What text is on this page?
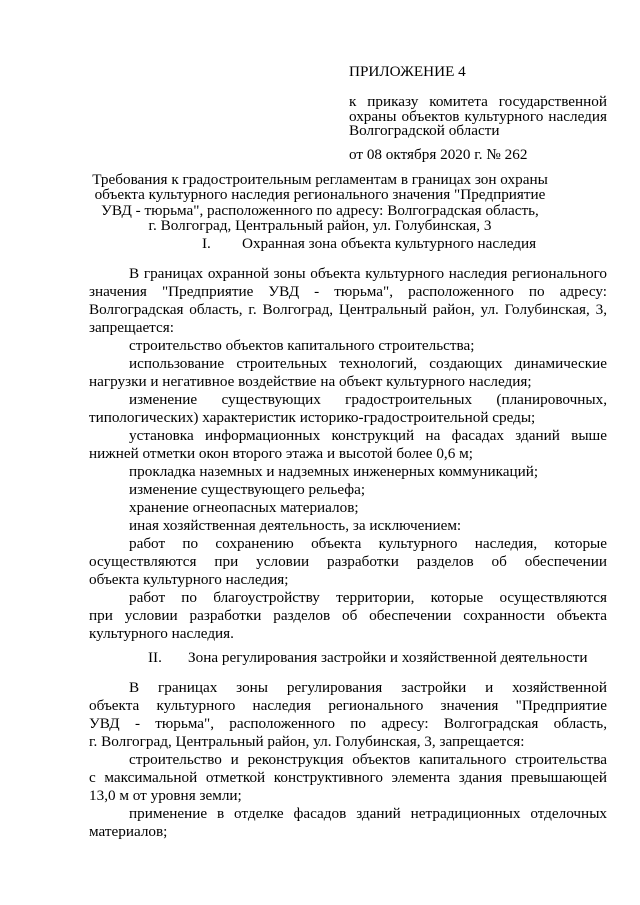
ПРИЛОЖЕНИЕ 4
к приказу комитета государственной
охраны объектов культурного наследия
Волгоградской области
от 08 октября 2020 г. № 262
Требования к градостроительным регламентам в границах зон охраны
объекта культурного наследия регионального значения "Предприятие
УВД - тюрьма", расположенного по адресу: Волгоградская область,
г. Волгоград, Центральный район, ул. Голубинская, 3
I. Охранная зона объекта культурного наследия
В границах охранной зоны объекта культурного наследия регионального
значения "Предприятие УВД - тюрьма", расположенного по адресу:
Волгоградская область, г. Волгоград, Центральный район, ул. Голубинская, 3,
запрещается:
строительство объектов капитального строительства;
использование строительных технологий, создающих динамические
нагрузки и негативное воздействие на объект культурного наследия;
изменение существующих градостроительных (планировочных,
типологических) характеристик историко-градостроительной среды;
установка информационных конструкций на фасадах зданий выше
нижней отметки окон второго этажа и высотой более 0,6 м;
прокладка наземных и надземных инженерных коммуникаций;
изменение существующего рельефа;
хранение огнеопасных материалов;
иная хозяйственная деятельность, за исключением:
работ по сохранению объекта культурного наследия, которые
осуществляются при условии разработки разделов об обеспечении
объекта культурного наследия;
работ по благоустройству территории, которые осуществляются
при условии разработки разделов об обеспечении сохранности объекта
культурного наследия.
II. Зона регулирования застройки и хозяйственной деятельности
В границах зоны регулирования застройки и хозяйственной
объекта культурного наследия регионального значения "Предприятие
УВД - тюрьма", расположенного по адресу: Волгоградская область,
г. Волгоград, Центральный район, ул. Голубинская, 3, запрещается:
строительство и реконструкция объектов капитального строительства
с максимальной отметкой конструктивного элемента здания превышающей
13,0 м от уровня земли;
применение в отделке фасадов зданий нетрадиционных отделочных
материалов;
